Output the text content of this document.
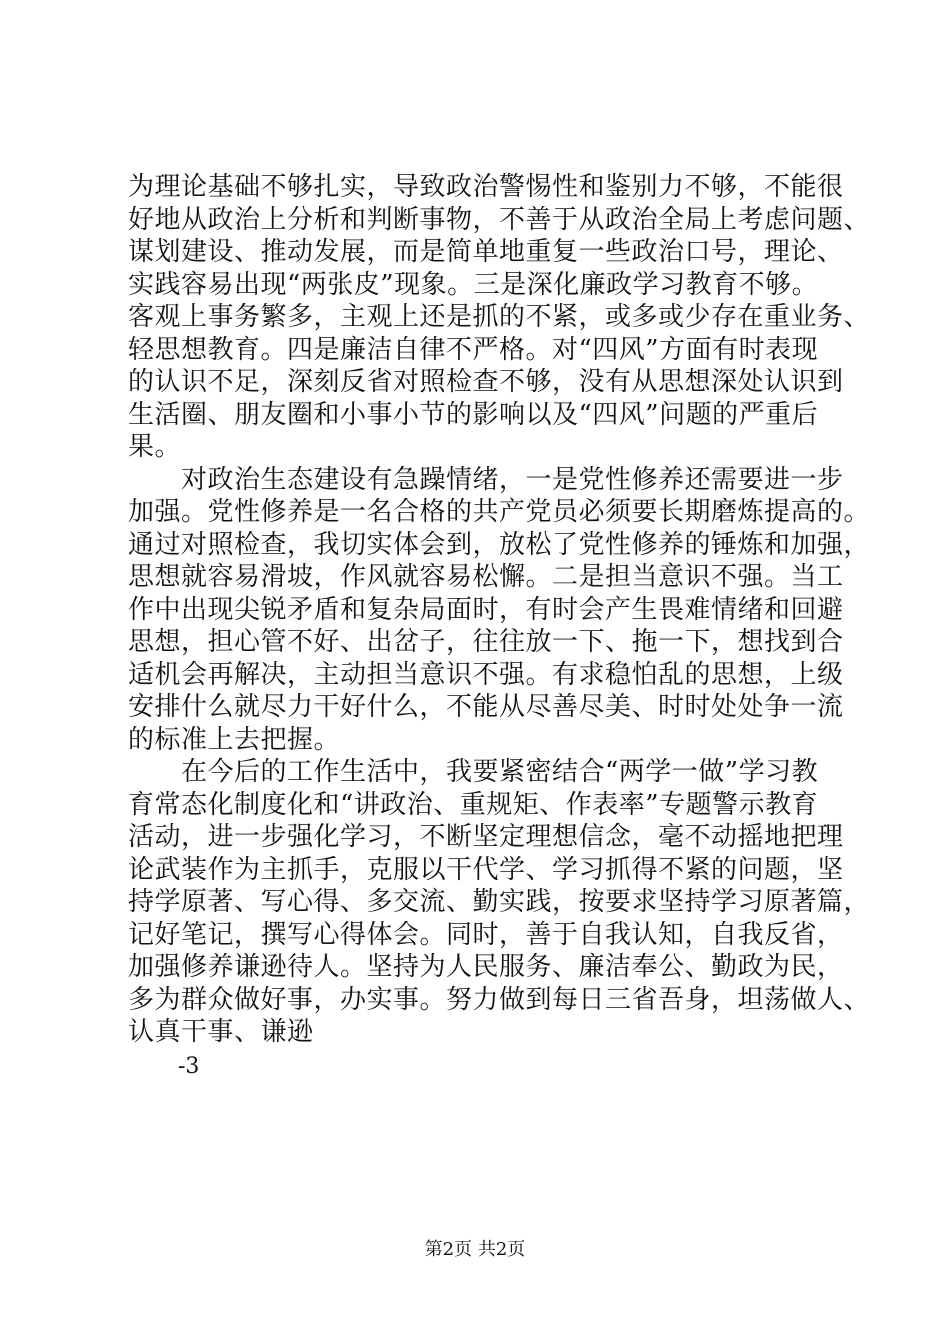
为理论基础不够扎实，导致政治警惕性和鉴别力不够，不能很
好地从政治上分析和判断事物，不善于从政治全局上考虑问题、
谋划建设、推动发展，而是简单地重复一些政治口号，理论、
实践容易出现“两张皮”现象。三是深化廉政学习教育不够。
客观上事务繁多，主观上还是抓的不紧，或多或少存在重业务、
轻思想教育。四是廉洁自律不严格。对“四风”方面有时表现
的认识不足，深刻反省对照检查不够，没有从思想深处认识到
生活圈、朋友圈和小事小节的影响以及“四风”问题的严重后
果。
　　对政治生态建设有急躁情绪，一是党性修养还需要进一步
加强。党性修养是一名合格的共产党员必须要长期磨炼提高的。
通过对照检查，我切实体会到，放松了党性修养的锤炼和加强，
思想就容易滑坡，作风就容易松懈。二是担当意识不强。当工
作中出现尖锐矛盾和复杂局面时，有时会产生畏难情绪和回避
思想，担心管不好、出岔子，往往放一下、拖一下，想找到合
适机会再解决，主动担当意识不强。有求稳怕乱的思想，上级
安排什么就尽力干好什么，不能从尽善尽美、时时处处争一流
的标准上去把握。
　　在今后的工作生活中，我要紧密结合“两学一做”学习教
育常态化制度化和“讲政治、重规矩、作表率”专题警示教育
活动，进一步强化学习，不断坚定理想信念，毫不动摇地把理
论武装作为主抓手，克服以干代学、学习抓得不紧的问题，坚
持学原著、写心得、多交流、勤实践，按要求坚持学习原著篇，
记好笔记，撰写心得体会。同时，善于自我认知，自我反省，
加强修养谦逊待人。坚持为人民服务、廉洁奉公、勤政为民，
多为群众做好事，办实事。努力做到每日三省吾身，坦荡做人、
认真干事、谦逊
-3
第2页 共2页
